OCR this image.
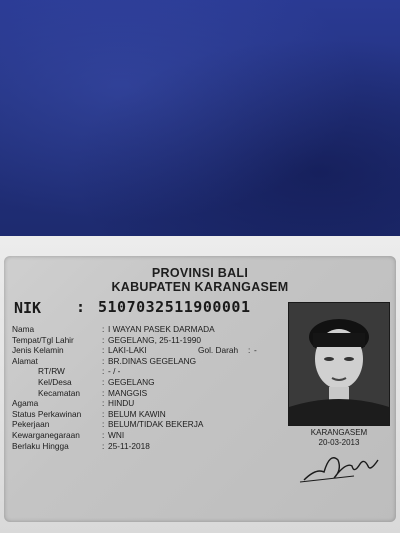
PROVINSI BALI
KABUPATEN KARANGASEM
NIK : 5107032511900001
Nama	: I WAYAN PASEK DARMADA
Tempat/Tgl Lahir	: GEGELANG, 25-11-1990
Jenis Kelamin	: LAKI-LAKI	Gol. Darah : -
Alamat	: BR.DINAS GEGELANG
RT/RW	: - / -
Kel/Desa	: GEGELANG
Kecamatan	: MANGGIS
Agama	: HINDU
Status Perkawinan	: BELUM KAWIN
Pekerjaan	: BELUM/TIDAK BEKERJA
Kewarganegaraan	: WNI
Berlaku Hingga	: 25-11-2018
KARANGASEM
20-03-2013
